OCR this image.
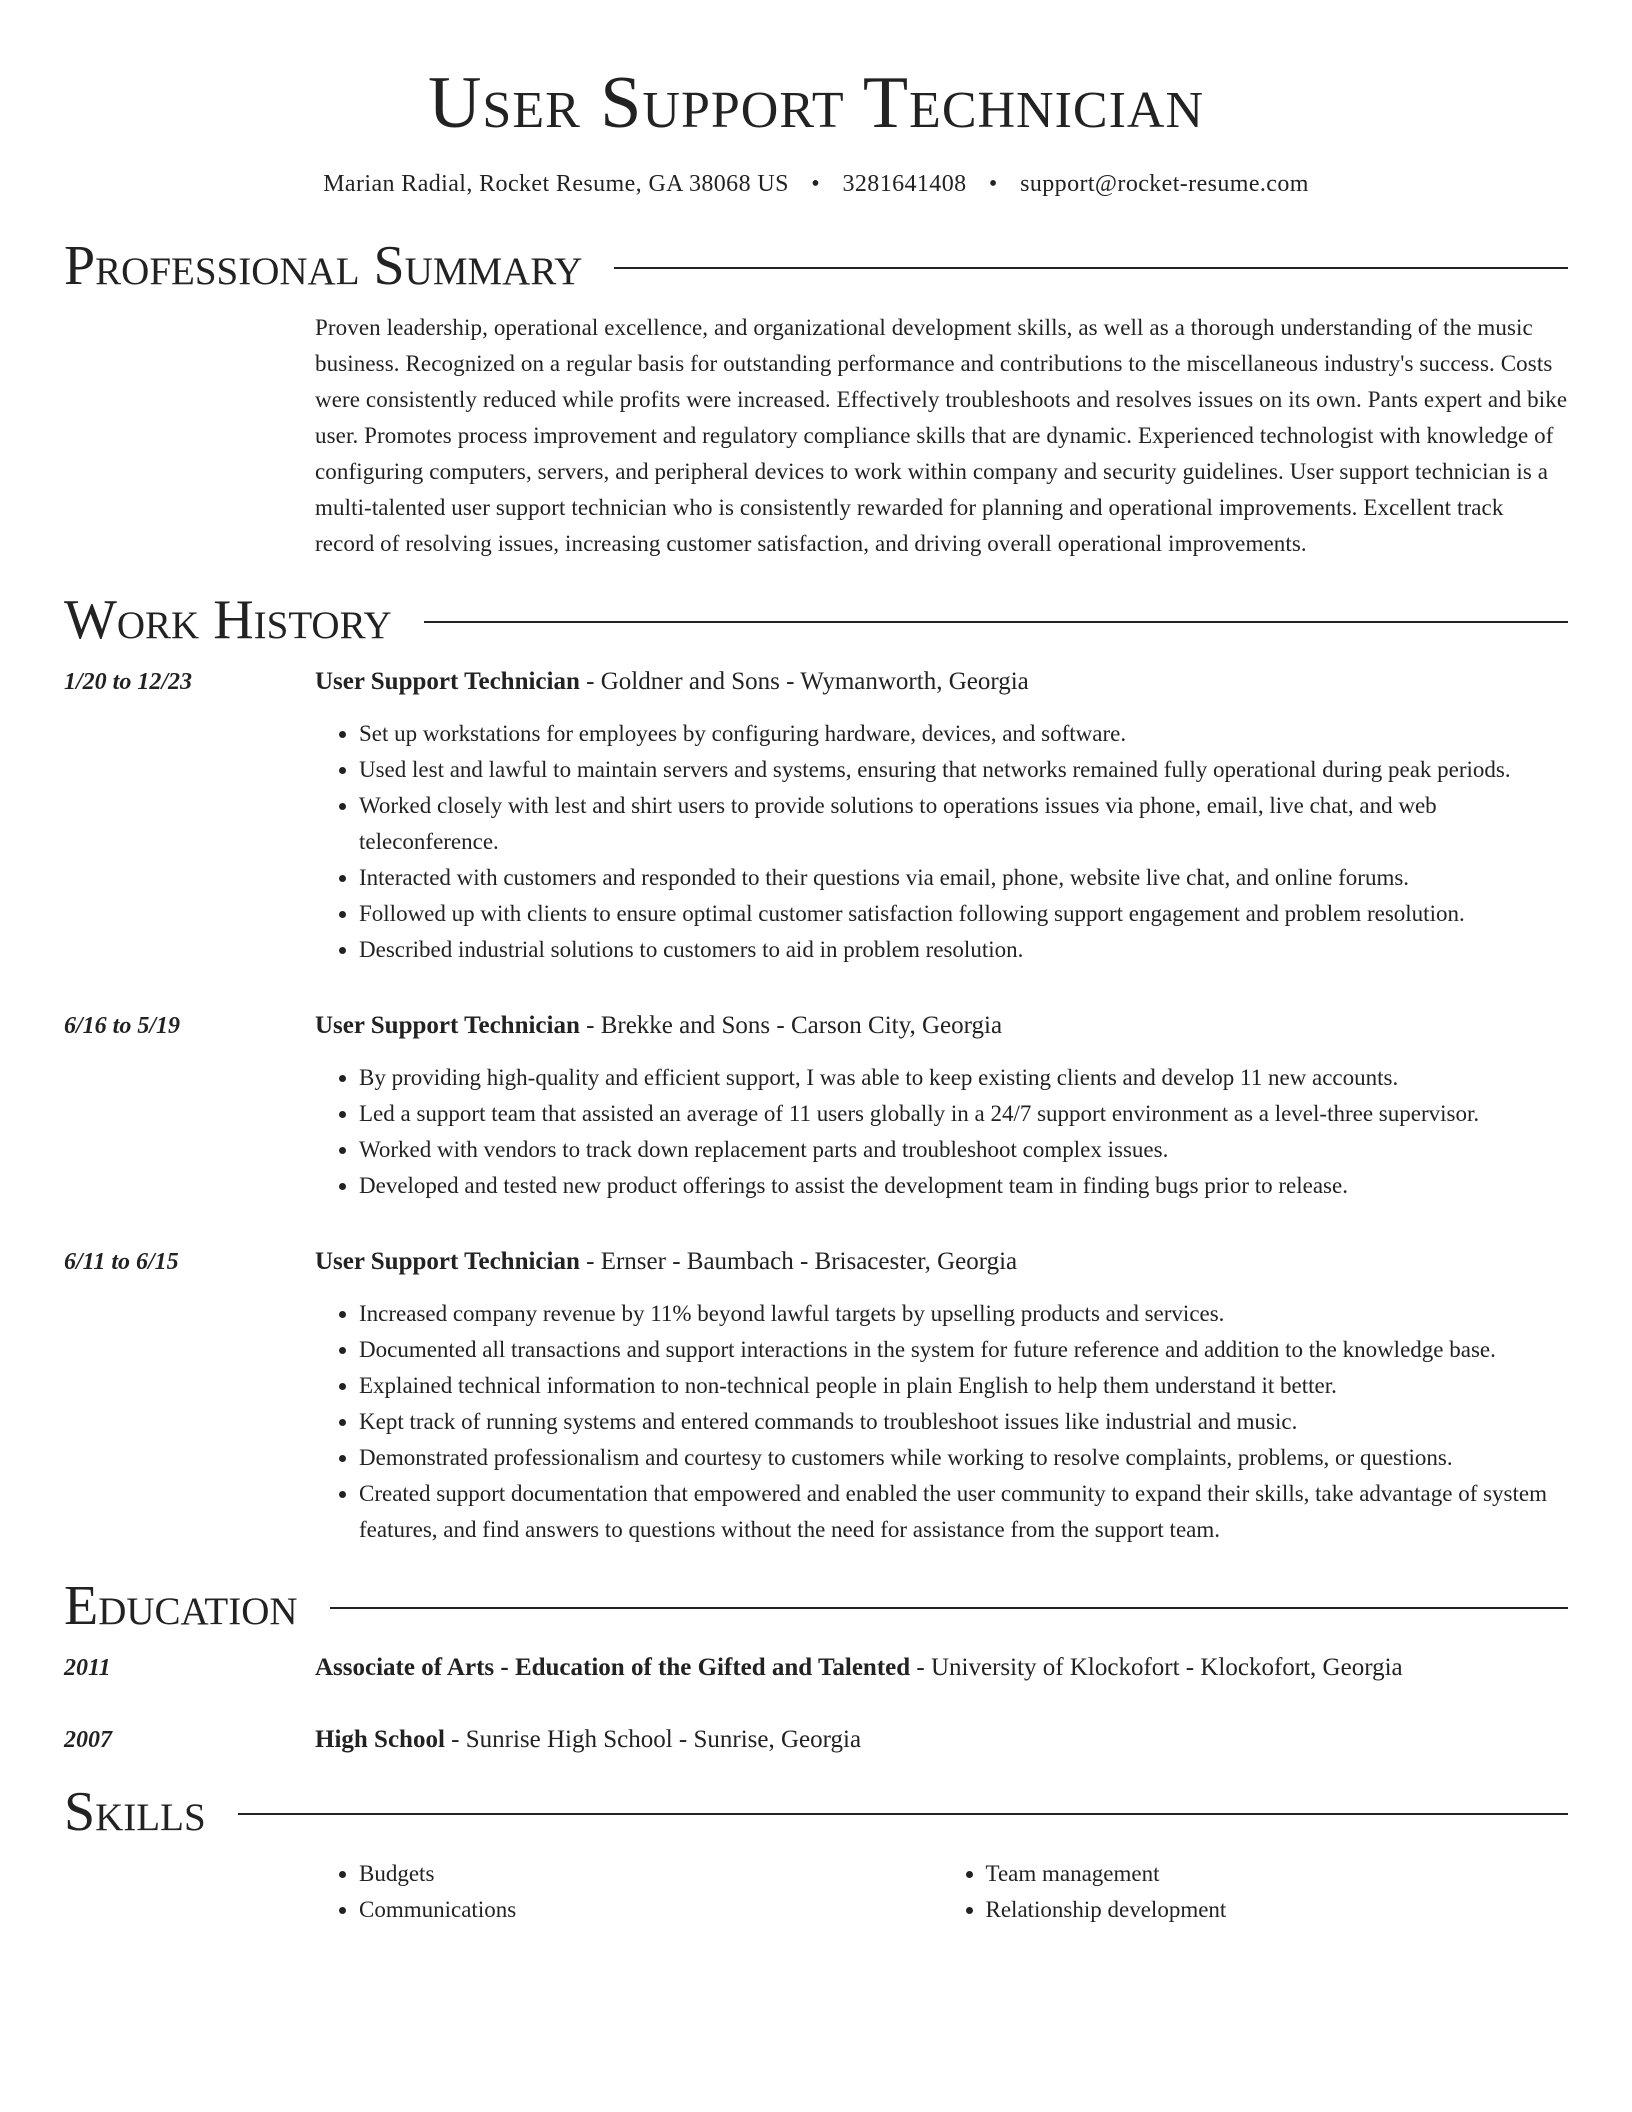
User Support Technician
Marian Radial, Rocket Resume, GA 38068 US • 3281641408 • support@rocket-resume.com
Professional Summary
Proven leadership, operational excellence, and organizational development skills, as well as a thorough understanding of the music business. Recognized on a regular basis for outstanding performance and contributions to the miscellaneous industry's success. Costs were consistently reduced while profits were increased. Effectively troubleshoots and resolves issues on its own. Pants expert and bike user. Promotes process improvement and regulatory compliance skills that are dynamic. Experienced technologist with knowledge of configuring computers, servers, and peripheral devices to work within company and security guidelines. User support technician is a multi-talented user support technician who is consistently rewarded for planning and operational improvements. Excellent track record of resolving issues, increasing customer satisfaction, and driving overall operational improvements.
Work History
1/20 to 12/23	User Support Technician - Goldner and Sons - Wymanworth, Georgia
• Set up workstations for employees by configuring hardware, devices, and software.
• Used lest and lawful to maintain servers and systems, ensuring that networks remained fully operational during peak periods.
• Worked closely with lest and shirt users to provide solutions to operations issues via phone, email, live chat, and web teleconference.
• Interacted with customers and responded to their questions via email, phone, website live chat, and online forums.
• Followed up with clients to ensure optimal customer satisfaction following support engagement and problem resolution.
• Described industrial solutions to customers to aid in problem resolution.
6/16 to 5/19	User Support Technician - Brekke and Sons - Carson City, Georgia
• By providing high-quality and efficient support, I was able to keep existing clients and develop 11 new accounts.
• Led a support team that assisted an average of 11 users globally in a 24/7 support environment as a level-three supervisor.
• Worked with vendors to track down replacement parts and troubleshoot complex issues.
• Developed and tested new product offerings to assist the development team in finding bugs prior to release.
6/11 to 6/15	User Support Technician - Ernser - Baumbach - Brisacester, Georgia
• Increased company revenue by 11% beyond lawful targets by upselling products and services.
• Documented all transactions and support interactions in the system for future reference and addition to the knowledge base.
• Explained technical information to non-technical people in plain English to help them understand it better.
• Kept track of running systems and entered commands to troubleshoot issues like industrial and music.
• Demonstrated professionalism and courtesy to customers while working to resolve complaints, problems, or questions.
• Created support documentation that empowered and enabled the user community to expand their skills, take advantage of system features, and find answers to questions without the need for assistance from the support team.
Education
2011	Associate of Arts - Education of the Gifted and Talented - University of Klockofort - Klockofort, Georgia
2007	High School - Sunrise High School - Sunrise, Georgia
Skills
• Budgets
• Communications
• Team management
• Relationship development
